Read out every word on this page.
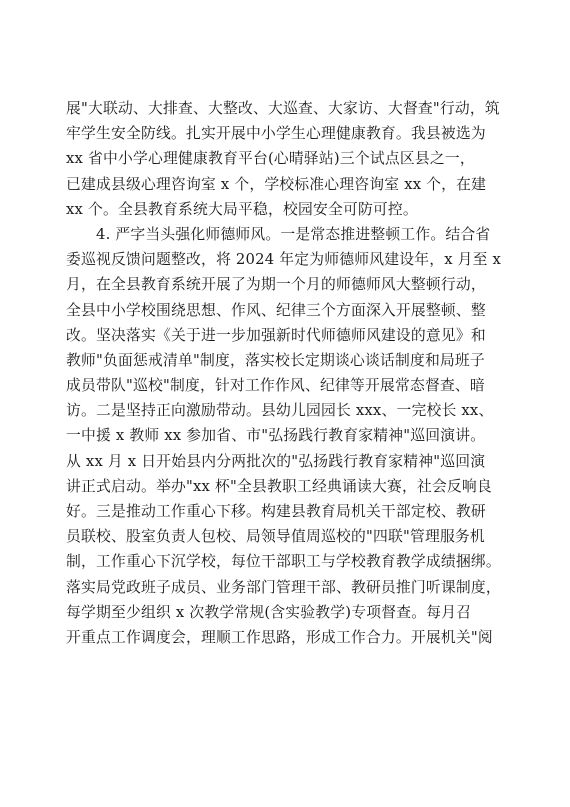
展"大联动、大排查、大整改、大巡查、大家访、大督查"行动，筑
牢学生安全防线。扎实开展中小学生心理健康教育。我县被选为
xx 省中小学心理健康教育平台(心晴驿站)三个试点区县之一，
已建成县级心理咨询室 x 个，学校标准心理咨询室 xx 个，在建
xx 个。全县教育系统大局平稳，校园安全可防可控。
4. 严字当头强化师德师风。一是常态推进整顿工作。结合省
委巡视反馈问题整改，将 2024 年定为师德师风建设年，x 月至 x
月，在全县教育系统开展了为期一个月的师德师风大整顿行动，
全县中小学校围绕思想、作风、纪律三个方面深入开展整顿、整
改。坚决落实《关于进一步加强新时代师德师风建设的意见》和
教师"负面惩戒清单"制度，落实校长定期谈心谈话制度和局班子
成员带队"巡校"制度，针对工作作风、纪律等开展常态督查、暗
访。二是坚持正向激励带动。县幼儿园园长 xxx、一完校长 xx、
一中援 x 教师 xx 参加省、市"弘扬践行教育家精神"巡回演讲。
从 xx 月 x 日开始县内分两批次的"弘扬践行教育家精神"巡回演
讲正式启动。举办"xx 杯"全县教职工经典诵读大赛，社会反响良
好。三是推动工作重心下移。构建县教育局机关干部定校、教研
员联校、股室负责人包校、局领导值周巡校的"四联"管理服务机
制，工作重心下沉学校，每位干部职工与学校教育教学成绩捆绑。
落实局党政班子成员、业务部门管理干部、教研员推门听课制度，
每学期至少组织 x 次教学常规(含实验教学)专项督查。每月召
开重点工作调度会，理顺工作思路，形成工作合力。开展机关"阅
